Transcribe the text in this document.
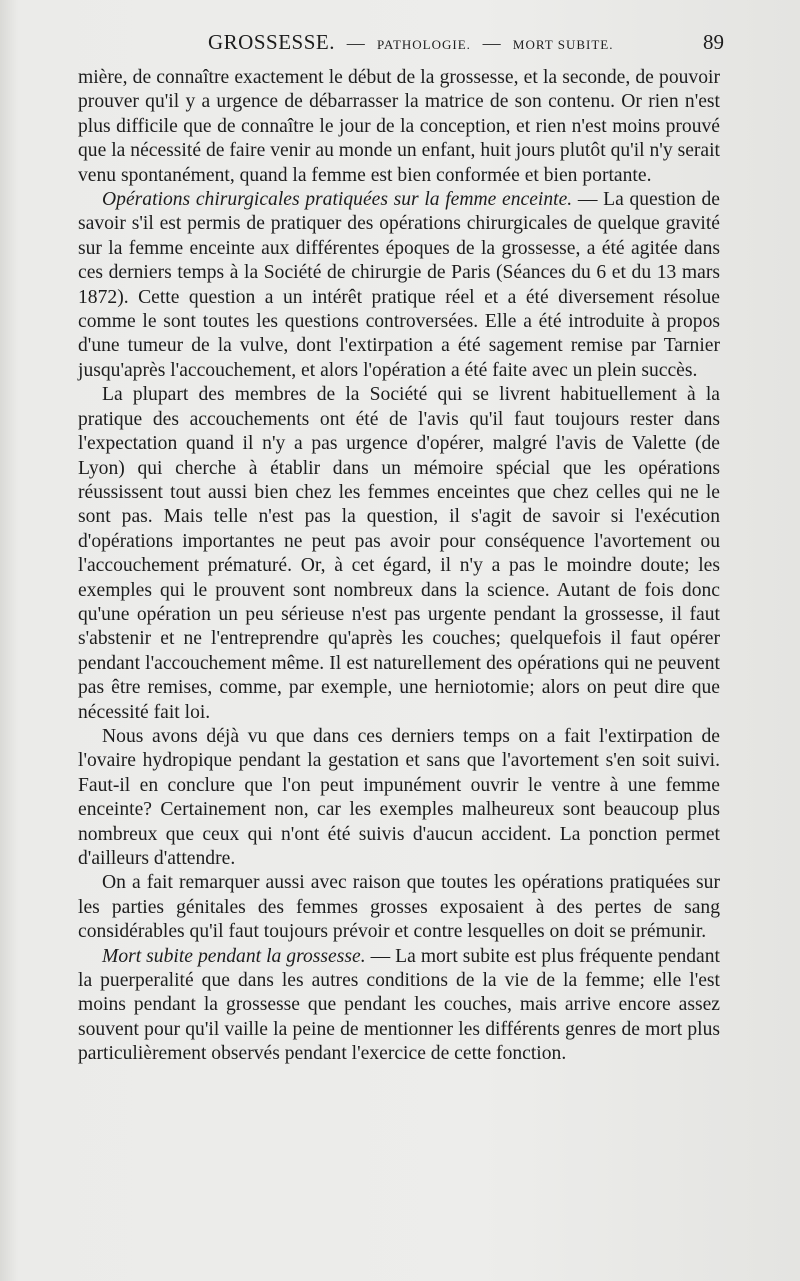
GROSSESSE. — PATHOLOGIE. — MORT SUBITE.	89

mière, de connaître exactement le début de la grossesse, et la seconde, de pouvoir prouver qu'il y a urgence de débarrasser la matrice de son contenu. Or rien n'est plus difficile que de connaître le jour de la conception, et rien n'est moins prouvé que la nécessité de faire venir au monde un enfant, huit jours plutôt qu'il n'y serait venu spontanément, quand la femme est bien conformée et bien portante.

Opérations chirurgicales pratiquées sur la femme enceinte. — La question de savoir s'il est permis de pratiquer des opérations chirurgicales de quelque gravité sur la femme enceinte aux différentes époques de la grossesse, a été agitée dans ces derniers temps à la Société de chirurgie de Paris (Séances du 6 et du 13 mars 1872). Cette question a un intérêt pratique réel et a été diversement résolue comme le sont toutes les questions controversées. Elle a été introduite à propos d'une tumeur de la vulve, dont l'extirpation a été sagement remise par Tarnier jusqu'après l'accouchement, et alors l'opération a été faite avec un plein succès.

La plupart des membres de la Société qui se livrent habituellement à la pratique des accouchements ont été de l'avis qu'il faut toujours rester dans l'expectation quand il n'y a pas urgence d'opérer, malgré l'avis de Valette (de Lyon) qui cherche à établir dans un mémoire spécial que les opérations réussissent tout aussi bien chez les femmes enceintes que chez celles qui ne le sont pas. Mais telle n'est pas la question, il s'agit de savoir si l'exécution d'opérations importantes ne peut pas avoir pour conséquence l'avortement ou l'accouchement prématuré. Or, à cet égard, il n'y a pas le moindre doute; les exemples qui le prouvent sont nombreux dans la science. Autant de fois donc qu'une opération un peu sérieuse n'est pas urgente pendant la grossesse, il faut s'abstenir et ne l'entreprendre qu'après les couches; quelquefois il faut opérer pendant l'accouchement même. Il est naturellement des opérations qui ne peuvent pas être remises, comme, par exemple, une herniotomie; alors on peut dire que nécessité fait loi.

Nous avons déjà vu que dans ces derniers temps on a fait l'extirpation de l'ovaire hydropique pendant la gestation et sans que l'avortement s'en soit suivi. Faut-il en conclure que l'on peut impunément ouvrir le ventre à une femme enceinte? Certainement non, car les exemples malheureux sont beaucoup plus nombreux que ceux qui n'ont été suivis d'aucun accident. La ponction permet d'ailleurs d'attendre.

On a fait remarquer aussi avec raison que toutes les opérations pratiquées sur les parties génitales des femmes grosses exposaient à des pertes de sang considérables qu'il faut toujours prévoir et contre lesquelles on doit se prémunir.

Mort subite pendant la grossesse. — La mort subite est plus fréquente pendant la puerperalité que dans les autres conditions de la vie de la femme; elle l'est moins pendant la grossesse que pendant les couches, mais arrive encore assez souvent pour qu'il vaille la peine de mentionner les différents genres de mort plus particulièrement observés pendant l'exercice de cette fonction.
